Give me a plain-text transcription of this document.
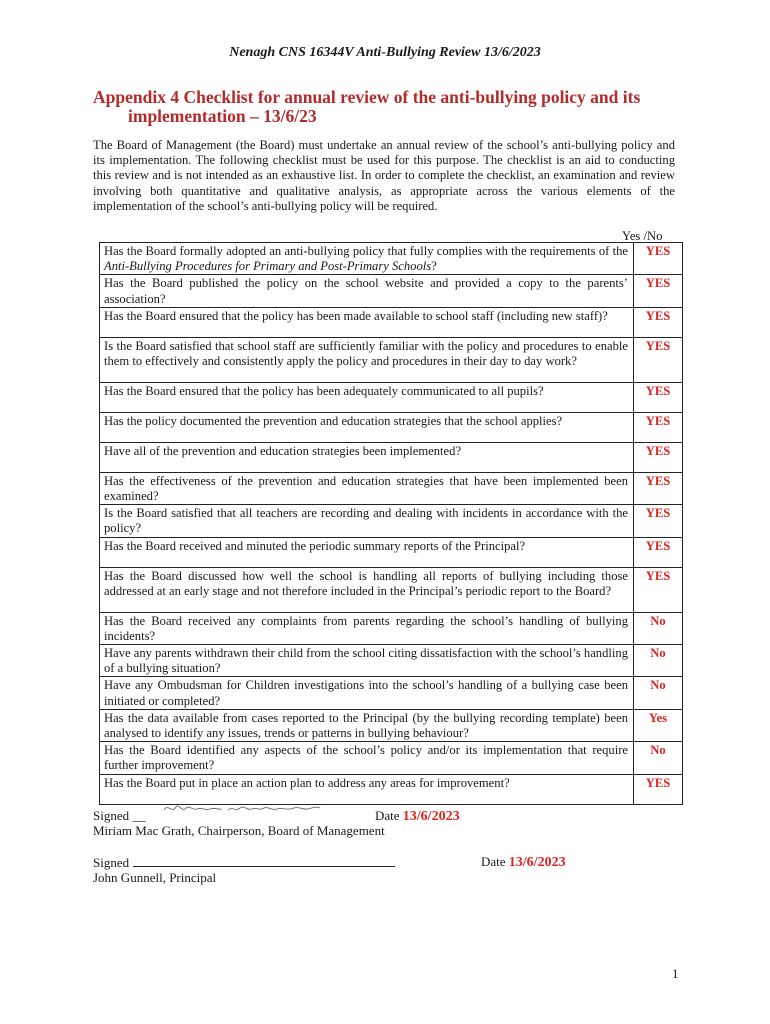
Nenagh CNS 16344V Anti-Bullying Review 13/6/2023
Appendix 4 Checklist for annual review of the anti-bullying policy and its
implementation – 13/6/23
The Board of Management (the Board) must undertake an annual review of the school’s anti-bullying policy and its implementation. The following checklist must be used for this purpose. The checklist is an aid to conducting this review and is not intended as an exhaustive list. In order to complete the checklist, an examination and review involving both quantitative and qualitative analysis, as appropriate across the various elements of the implementation of the school’s anti-bullying policy will be required.
Yes /No
Has the Board formally adopted an anti-bullying policy that fully complies with the requirements of the Anti-Bullying Procedures for Primary and Post-Primary Schools?	YES
Has the Board published the policy on the school website and provided a copy to the parents’ association?	YES
Has the Board ensured that the policy has been made available to school staff (including new staff)?	YES
Is the Board satisfied that school staff are sufficiently familiar with the policy and procedures to enable them to effectively and consistently apply the policy and procedures in their day to day work?	YES
Has the Board ensured that the policy has been adequately communicated to all pupils?	YES
Has the policy documented the prevention and education strategies that the school applies?	YES
Have all of the prevention and education strategies been implemented?	YES
Has the effectiveness of the prevention and education strategies that have been implemented been examined?	YES
Is the Board satisfied that all teachers are recording and dealing with incidents in accordance with the policy?	YES
Has the Board received and minuted the periodic summary reports of the Principal?	YES
Has the Board discussed how well the school is handling all reports of bullying including those addressed at an early stage and not therefore included in the Principal’s periodic report to the Board?	YES
Has the Board received any complaints from parents regarding the school’s handling of bullying incidents?	No
Have any parents withdrawn their child from the school citing dissatisfaction with the school’s handling of a bullying situation?	No
Have any Ombudsman for Children investigations into the school’s handling of a bullying case been initiated or completed?	No
Has the data available from cases reported to the Principal (by the bullying recording template) been analysed to identify any issues, trends or patterns in bullying behaviour?	Yes
Has the Board identified any aspects of the school’s policy and/or its implementation that require further improvement?	No
Has the Board put in place an action plan to address any areas for improvement?	YES
Signed __	Date 13/6/2023
Miriam Mac Grath, Chairperson, Board of Management
Signed	Date 13/6/2023
John Gunnell, Principal
1
